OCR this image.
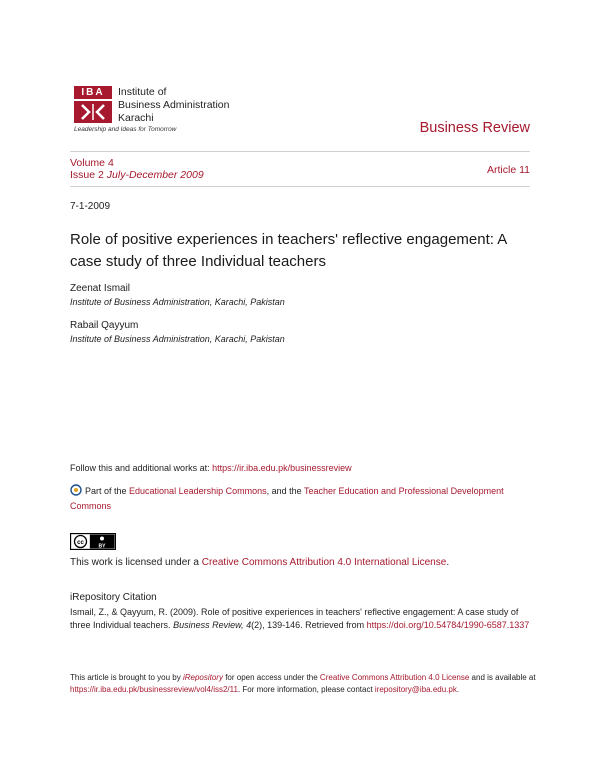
IBA	Institute of
Business Administration
Karachi
Leadership and Ideas for Tomorrow	Business Review
Volume 4
Issue 2 July-December 2009	Article 11
7-1-2009
Role of positive experiences in teachers' reflective engagement: A case study of three Individual teachers
Zeenat Ismail
Institute of Business Administration, Karachi, Pakistan
Rabail Qayyum
Institute of Business Administration, Karachi, Pakistan
Follow this and additional works at: https://ir.iba.edu.pk/businessreview
Part of the Educational Leadership Commons, and the Teacher Education and Professional Development Commons
cc
BY
This work is licensed under a Creative Commons Attribution 4.0 International License.
iRepository Citation
Ismail, Z., & Qayyum, R. (2009). Role of positive experiences in teachers' reflective engagement: A case study of three Individual teachers. Business Review, 4(2), 139-146. Retrieved from https://doi.org/10.54784/1990-6587.1337
This article is brought to you by iRepository for open access under the Creative Commons Attribution 4.0 License and is available at https://ir.iba.edu.pk/businessreview/vol4/iss2/11. For more information, please contact irepository@iba.edu.pk.
